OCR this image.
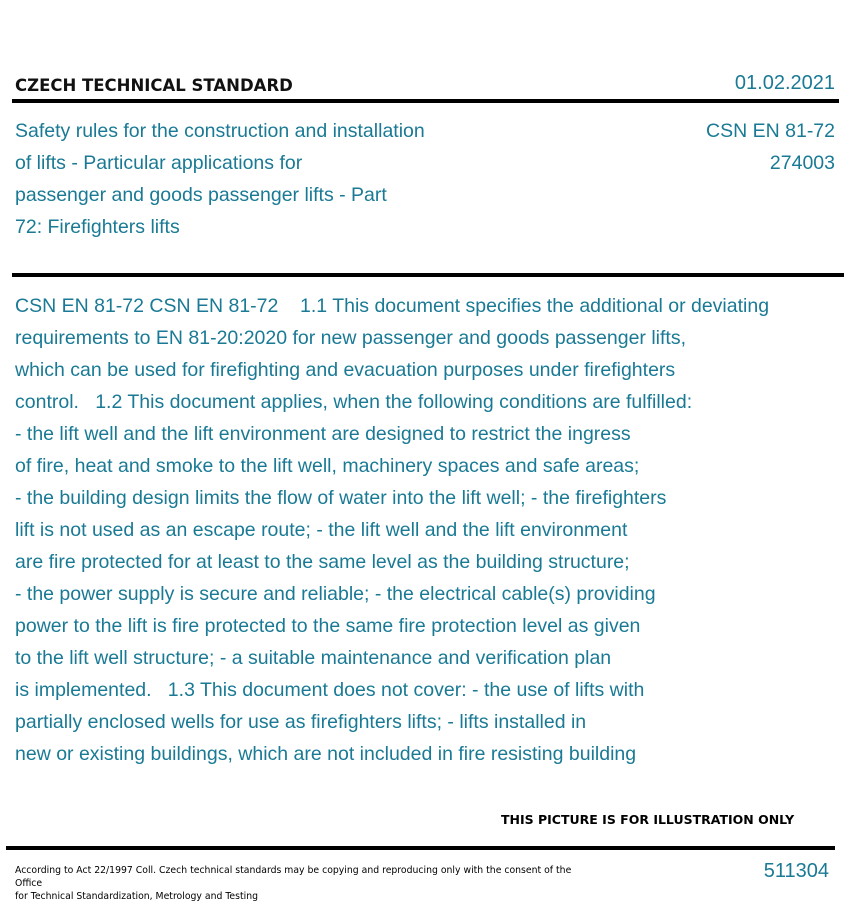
CZECH TECHNICAL STANDARD	01.02.2021
Safety rules for the construction and installation
of lifts - Particular applications for
passenger and goods passenger lifts - Part
72: Firefighters lifts
CSN EN 81-72
274003
CSN EN 81-72 CSN EN 81-72    1.1 This document specifies the additional or deviating
requirements to EN 81-20:2020 for new passenger and goods passenger lifts,
which can be used for firefighting and evacuation purposes under firefighters
control.   1.2 This document applies, when the following conditions are fulfilled:
- the lift well and the lift environment are designed to restrict the ingress
of fire, heat and smoke to the lift well, machinery spaces and safe areas;
- the building design limits the flow of water into the lift well; - the firefighters
lift is not used as an escape route; - the lift well and the lift environment
are fire protected for at least to the same level as the building structure;
- the power supply is secure and reliable; - the electrical cable(s) providing
power to the lift is fire protected to the same fire protection level as given
to the lift well structure; - a suitable maintenance and verification plan
is implemented.   1.3 This document does not cover: - the use of lifts with
partially enclosed wells for use as firefighters lifts; - lifts installed in
new or existing buildings, which are not included in fire resisting building
THIS PICTURE IS FOR ILLUSTRATION ONLY
According to Act 22/1997 Coll. Czech technical standards may be copying and reproducing only with the consent of the Office
for Technical Standardization, Metrology and Testing
511304
